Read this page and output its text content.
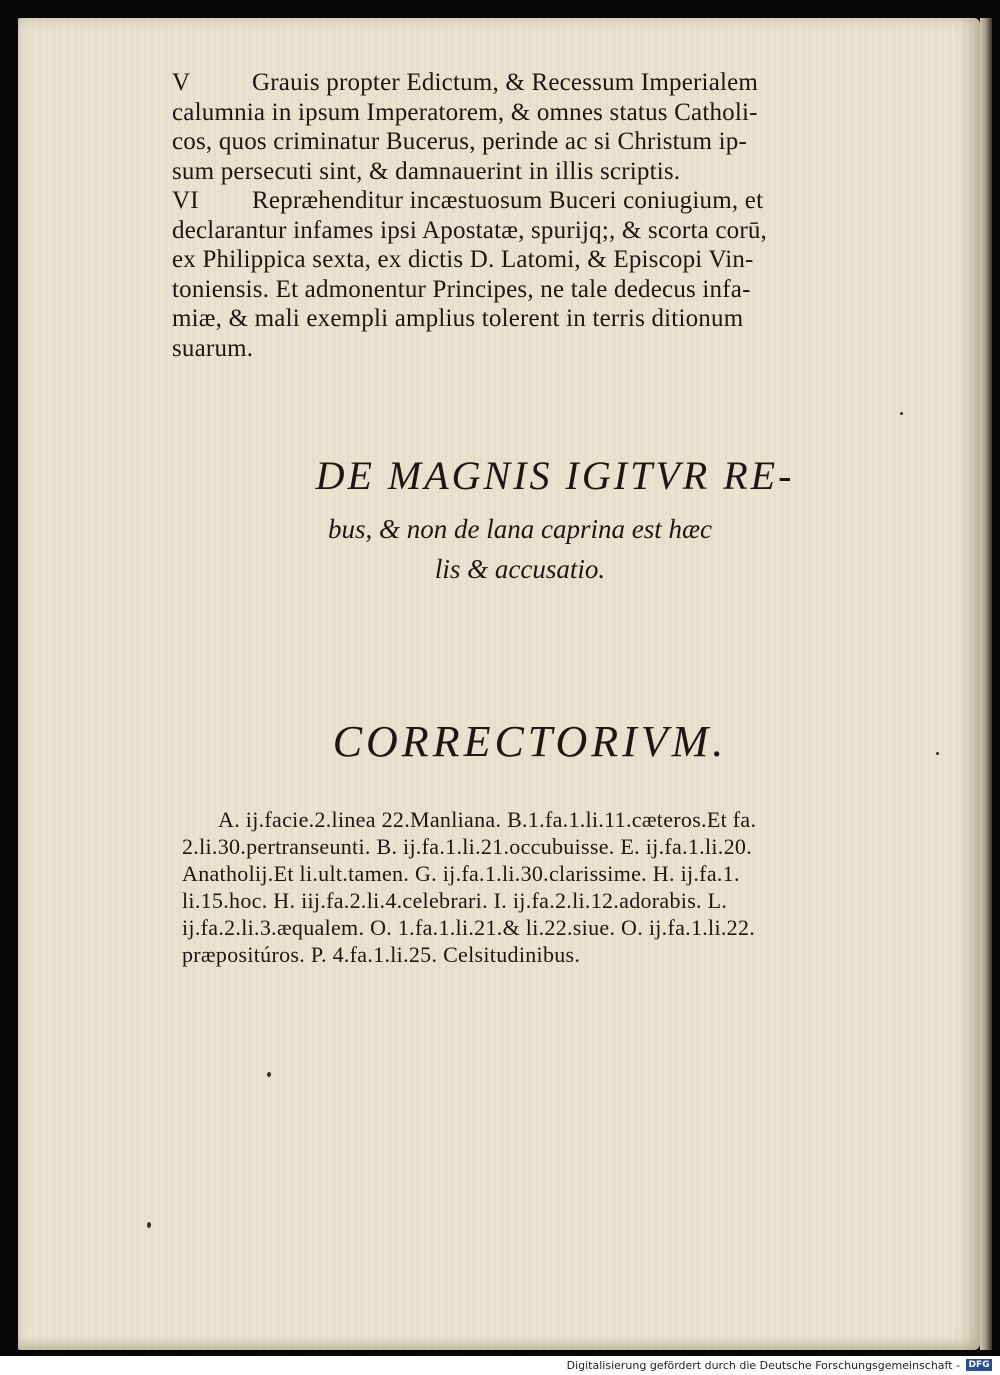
V Grauis propter Edictum, & Recessum Imperialem
calumnia in ipsum Imperatorem, & omnes status Catholi-
cos, quos criminatur Bucerus, perinde ac si Christum ip-
sum persecuti sint, & damnauerint in illis scriptis.
VI Repræhenditur incæstuosum Buceri coniugium, et
declarantur infames ipsi Apostatæ, spurijq;, & scorta corū,
ex Philippica sexta, ex dictis D. Latomi, & Episcopi Vin-
toniensis. Et admonentur Principes, ne tale dedecus infa-
miæ, & mali exempli amplius tolerent in terris ditionum
suarum.
DE MAGNIS IGITVR RE-
bus, & non de lana caprina est hæc
lis & accusatio.
CORRECTORIVM.
A. ij.facie.2.linea 22.Manliana. B.1.fa.1.li.11.cæteros.Et fa.
2.li.30.pertranseunti. B. ij.fa.1.li.21.occubuisse. E. ij.fa.1.li.20.
Anatholij.Et li.ult.tamen. G. ij.fa.1.li.30.clarissime. H. ij.fa.1.
li.15.hoc. H. iij.fa.2.li.4.celebrari. I. ij.fa.2.li.12.adorabis. L.
ij.fa.2.li.3.æqualem. O. 1.fa.1.li.21.& li.22.siue. O. ij.fa.1.li.22.
præpositúros. P. 4.fa.1.li.25. Celsitudinibus.
Digitalisierung gefördert durch die Deutsche Forschungsgemeinschaft - DFG
